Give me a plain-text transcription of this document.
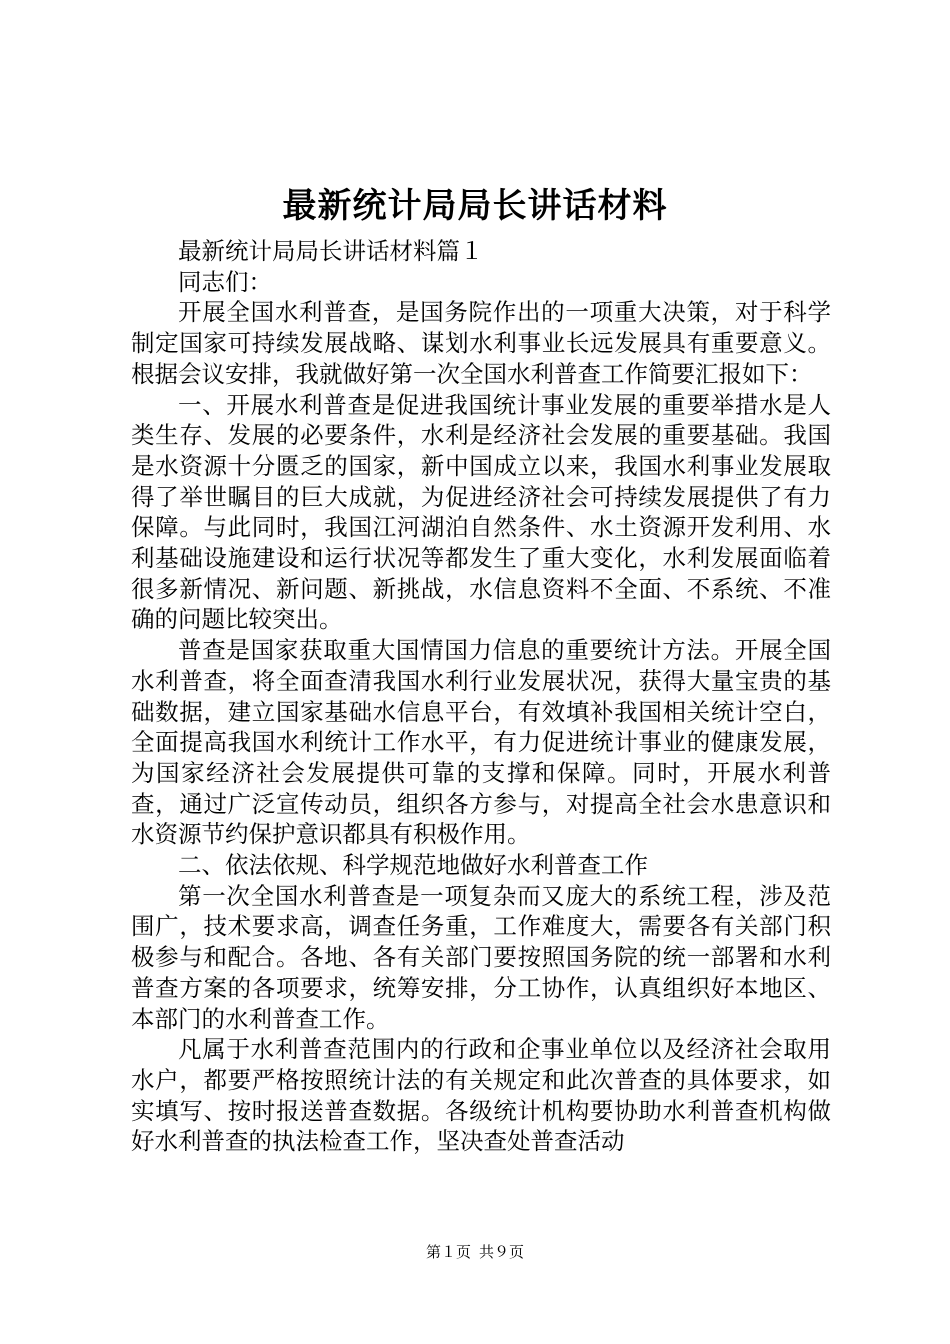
最新统计局局长讲话材料

最新统计局局长讲话材料篇１

同志们：

开展全国水利普查，是国务院作出的一项重大决策，对于科学制定国家可持续发展战略、谋划水利事业长远发展具有重要意义。根据会议安排，我就做好第一次全国水利普查工作简要汇报如下：

一、开展水利普查是促进我国统计事业发展的重要举措水是人类生存、发展的必要条件，水利是经济社会发展的重要基础。我国是水资源十分匮乏的国家，新中国成立以来，我国水利事业发展取得了举世瞩目的巨大成就，为促进经济社会可持续发展提供了有力保障。与此同时，我国江河湖泊自然条件、水土资源开发利用、水利基础设施建设和运行状况等都发生了重大变化，水利发展面临着很多新情况、新问题、新挑战，水信息资料不全面、不系统、不准确的问题比较突出。

普查是国家获取重大国情国力信息的重要统计方法。开展全国水利普查，将全面查清我国水利行业发展状况，获得大量宝贵的基础数据，建立国家基础水信息平台，有效填补我国相关统计空白，全面提高我国水利统计工作水平，有力促进统计事业的健康发展，为国家经济社会发展提供可靠的支撑和保障。同时，开展水利普查，通过广泛宣传动员，组织各方参与，对提高全社会水患意识和水资源节约保护意识都具有积极作用。

二、依法依规、科学规范地做好水利普查工作

第一次全国水利普查是一项复杂而又庞大的系统工程，涉及范围广，技术要求高，调查任务重，工作难度大，需要各有关部门积极参与和配合。各地、各有关部门要按照国务院的统一部署和水利普查方案的各项要求，统筹安排，分工协作，认真组织好本地区、本部门的水利普查工作。

凡属于水利普查范围内的行政和企事业单位以及经济社会取用水户，都要严格按照统计法的有关规定和此次普查的具体要求，如实填写、按时报送普查数据。各级统计机构要协助水利普查机构做好水利普查的执法检查工作，坚决查处普查活动

第１页 共９页
